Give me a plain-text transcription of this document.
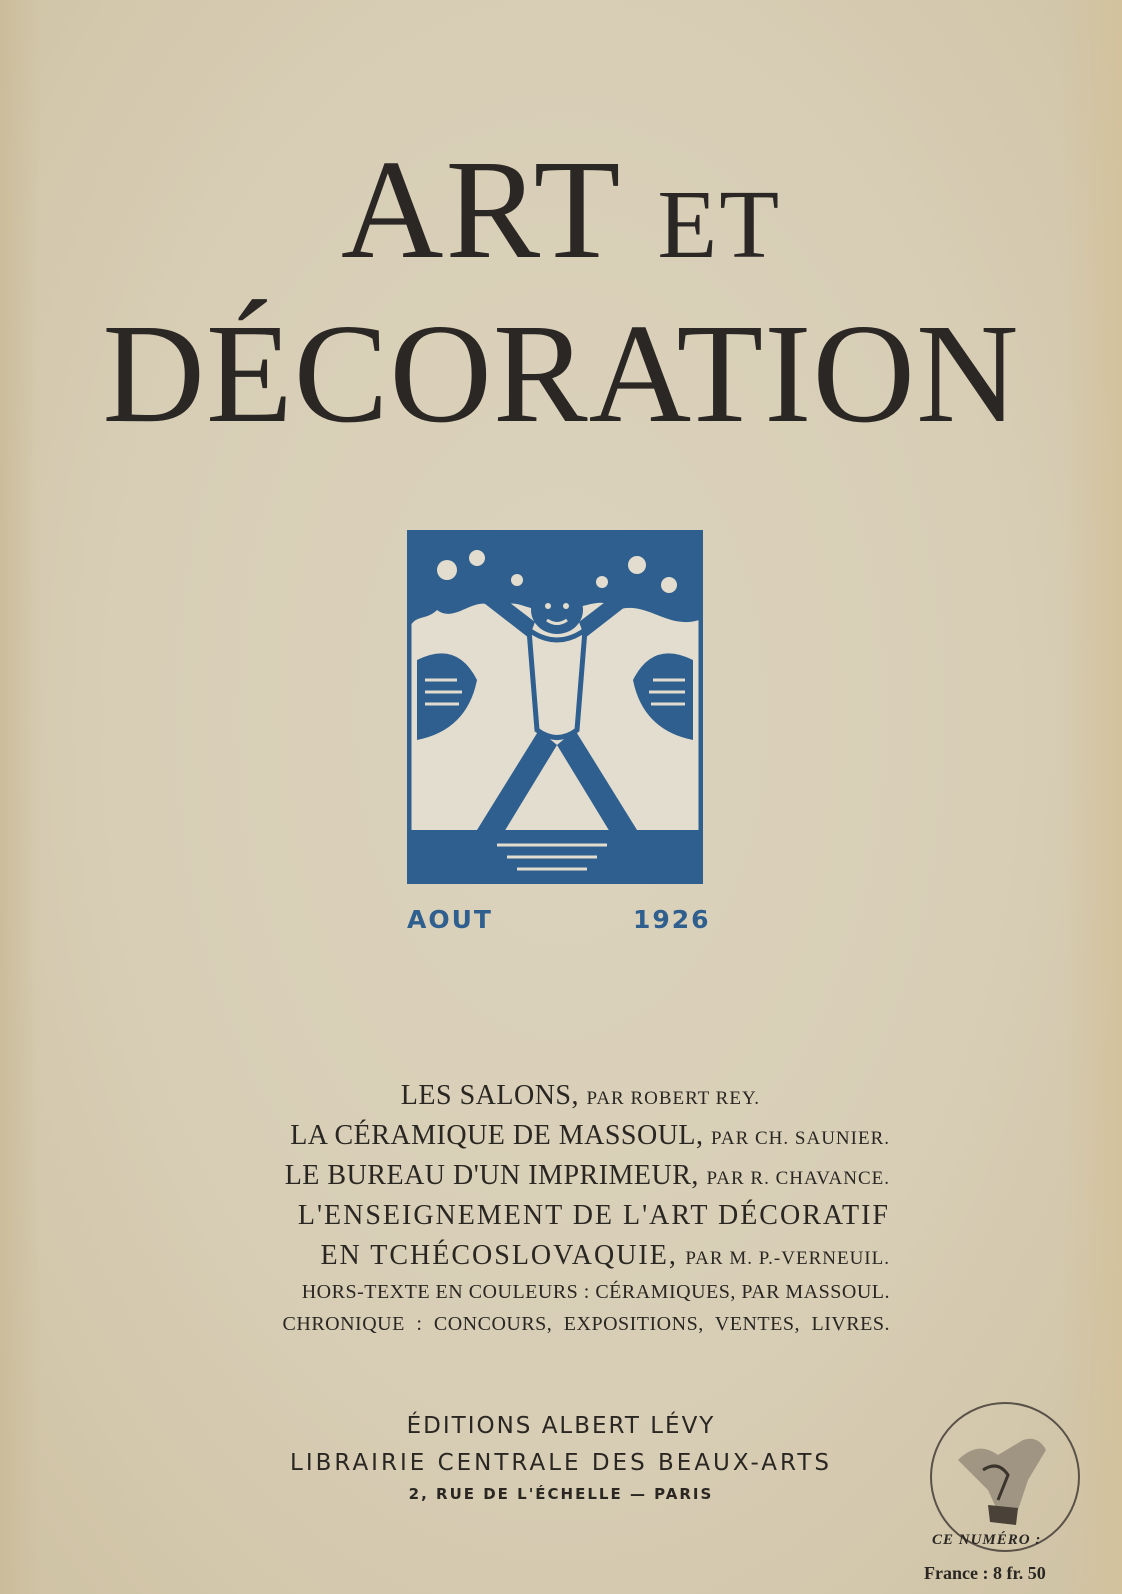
ART ET
DÉCORATION
AOUT	1926
LES SALONS, PAR ROBERT REY.
LA CÉRAMIQUE DE MASSOUL, PAR CH. SAUNIER.
LE BUREAU D'UN IMPRIMEUR, PAR R. CHAVANCE.
L'ENSEIGNEMENT DE L'ART DÉCORATIF
EN TCHÉCOSLOVAQUIE, PAR M. P.-VERNEUIL.
HORS-TEXTE EN COULEURS : CÉRAMIQUES, PAR MASSOUL.
CHRONIQUE : CONCOURS, EXPOSITIONS, VENTES, LIVRES.
ÉDITIONS ALBERT LÉVY
LIBRAIRIE CENTRALE DES BEAUX-ARTS
2, RUE DE L'ÉCHELLE — PARIS
CE NUMÉRO :
France : 8 fr. 50
